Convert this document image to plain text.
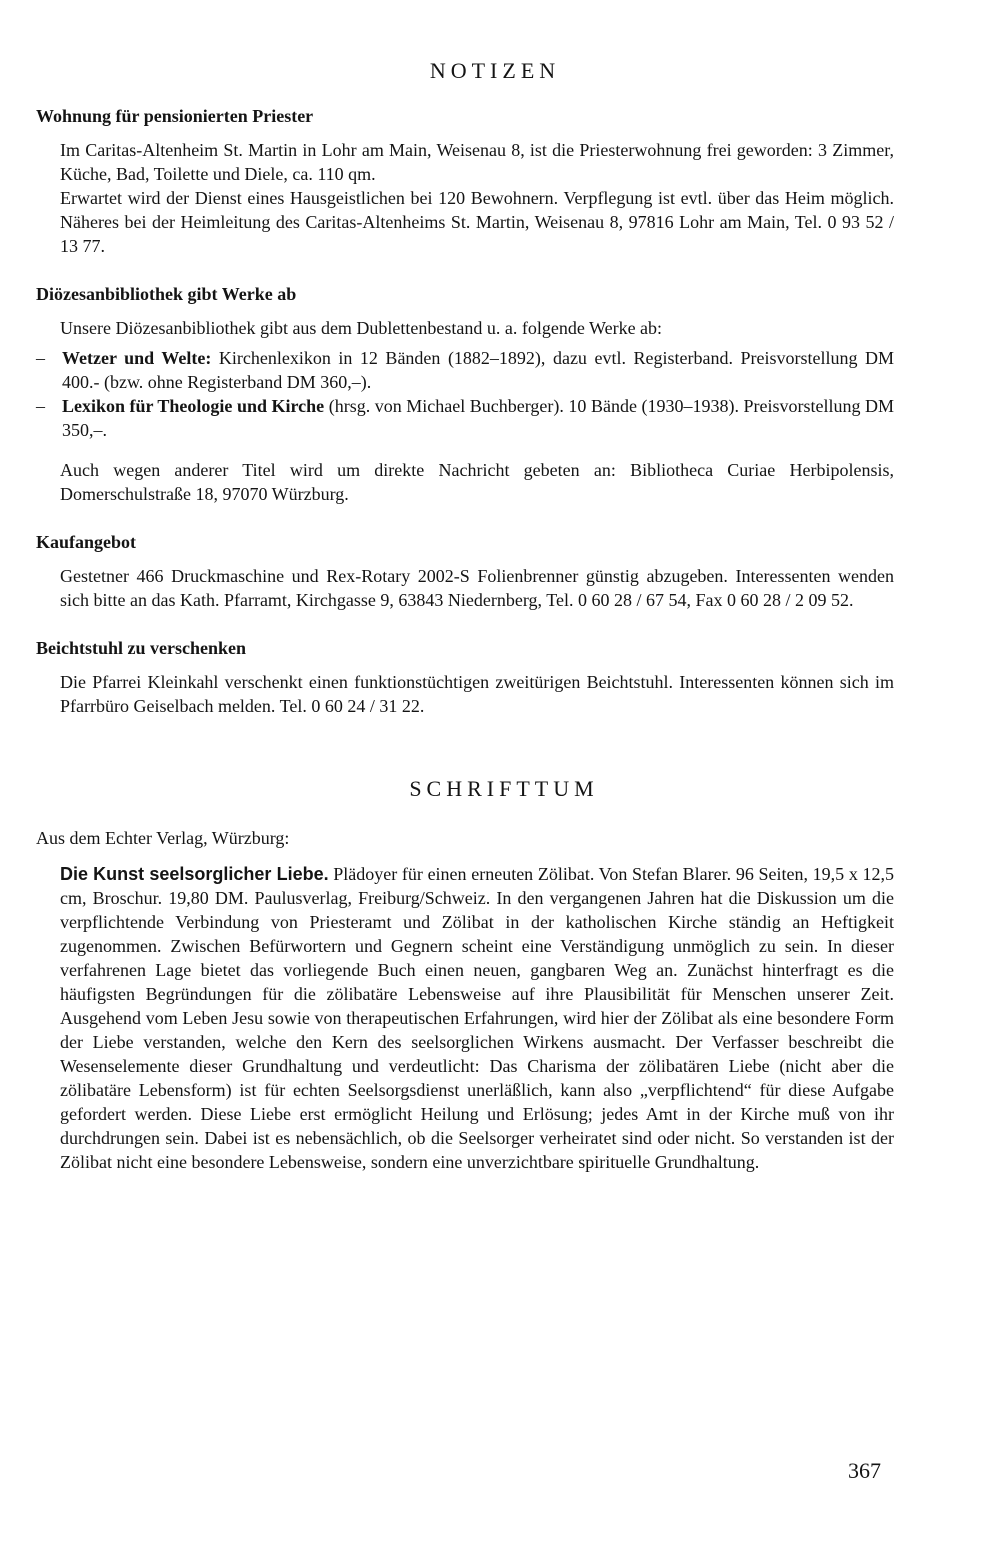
NOTIZEN
Wohnung für pensionierten Priester

Im Caritas-Altenheim St. Martin in Lohr am Main, Weisenau 8, ist die Priesterwohnung frei geworden: 3 Zimmer, Küche, Bad, Toilette und Diele, ca. 110 qm.

Erwartet wird der Dienst eines Hausgeistlichen bei 120 Bewohnern. Verpflegung ist evtl. über das Heim möglich. Näheres bei der Heimleitung des Caritas-Altenheims St. Martin, Weisenau 8, 97816 Lohr am Main, Tel. 0 93 52 / 13 77.

Diözesanbibliothek gibt Werke ab

Unsere Diözesanbibliothek gibt aus dem Dublettenbestand u. a. folgende Werke ab:

– Wetzer und Welte: Kirchenlexikon in 12 Bänden (1882–1892), dazu evtl. Registerband. Preisvorstellung DM 400.- (bzw. ohne Registerband DM 360,–).
– Lexikon für Theologie und Kirche (hrsg. von Michael Buchberger). 10 Bände (1930–1938). Preisvorstellung DM 350,–.

Auch wegen anderer Titel wird um direkte Nachricht gebeten an: Bibliotheca Curiae Herbipolensis, Domerschulstraße 18, 97070 Würzburg.

Kaufangebot

Gestetner 466 Druckmaschine und Rex-Rotary 2002-S Folienbrenner günstig abzugeben. Interessenten wenden sich bitte an das Kath. Pfarramt, Kirchgasse 9, 63843 Niedernberg, Tel. 0 60 28 / 67 54, Fax 0 60 28 / 2 09 52.

Beichtstuhl zu verschenken

Die Pfarrei Kleinkahl verschenkt einen funktionstüchtigen zweitürigen Beichtstuhl. Interessenten können sich im Pfarrbüro Geiselbach melden. Tel. 0 60 24 / 31 22.

SCHRIFTTUM

Aus dem Echter Verlag, Würzburg:

Die Kunst seelsorglicher Liebe. Plädoyer für einen erneuten Zölibat. Von Stefan Blarer. 96 Seiten, 19,5 x 12,5 cm, Broschur. 19,80 DM. Paulusverlag, Freiburg/Schweiz. In den vergangenen Jahren hat die Diskussion um die verpflichtende Verbindung von Priesteramt und Zölibat in der katholischen Kirche ständig an Heftigkeit zugenommen. Zwischen Befürwortern und Gegnern scheint eine Verständigung unmöglich zu sein. In dieser verfahrenen Lage bietet das vorliegende Buch einen neuen, gangbaren Weg an. Zunächst hinterfragt es die häufigsten Begründungen für die zölibatäre Lebensweise auf ihre Plausibilität für Menschen unserer Zeit. Ausgehend vom Leben Jesu sowie von therapeutischen Erfahrungen, wird hier der Zölibat als eine besondere Form der Liebe verstanden, welche den Kern des seelsorglichen Wirkens ausmacht. Der Verfasser beschreibt die Wesenselemente dieser Grundhaltung und verdeutlicht: Das Charisma der zölibatären Liebe (nicht aber die zölibatäre Lebensform) ist für echten Seelsorgsdienst unerläßlich, kann also „verpflichtend“ für diese Aufgabe gefordert werden. Diese Liebe erst ermöglicht Heilung und Erlösung; jedes Amt in der Kirche muß von ihr durchdrungen sein. Dabei ist es nebensächlich, ob die Seelsorger verheiratet sind oder nicht. So verstanden ist der Zölibat nicht eine besondere Lebensweise, sondern eine unverzichtbare spirituelle Grundhaltung.

367
